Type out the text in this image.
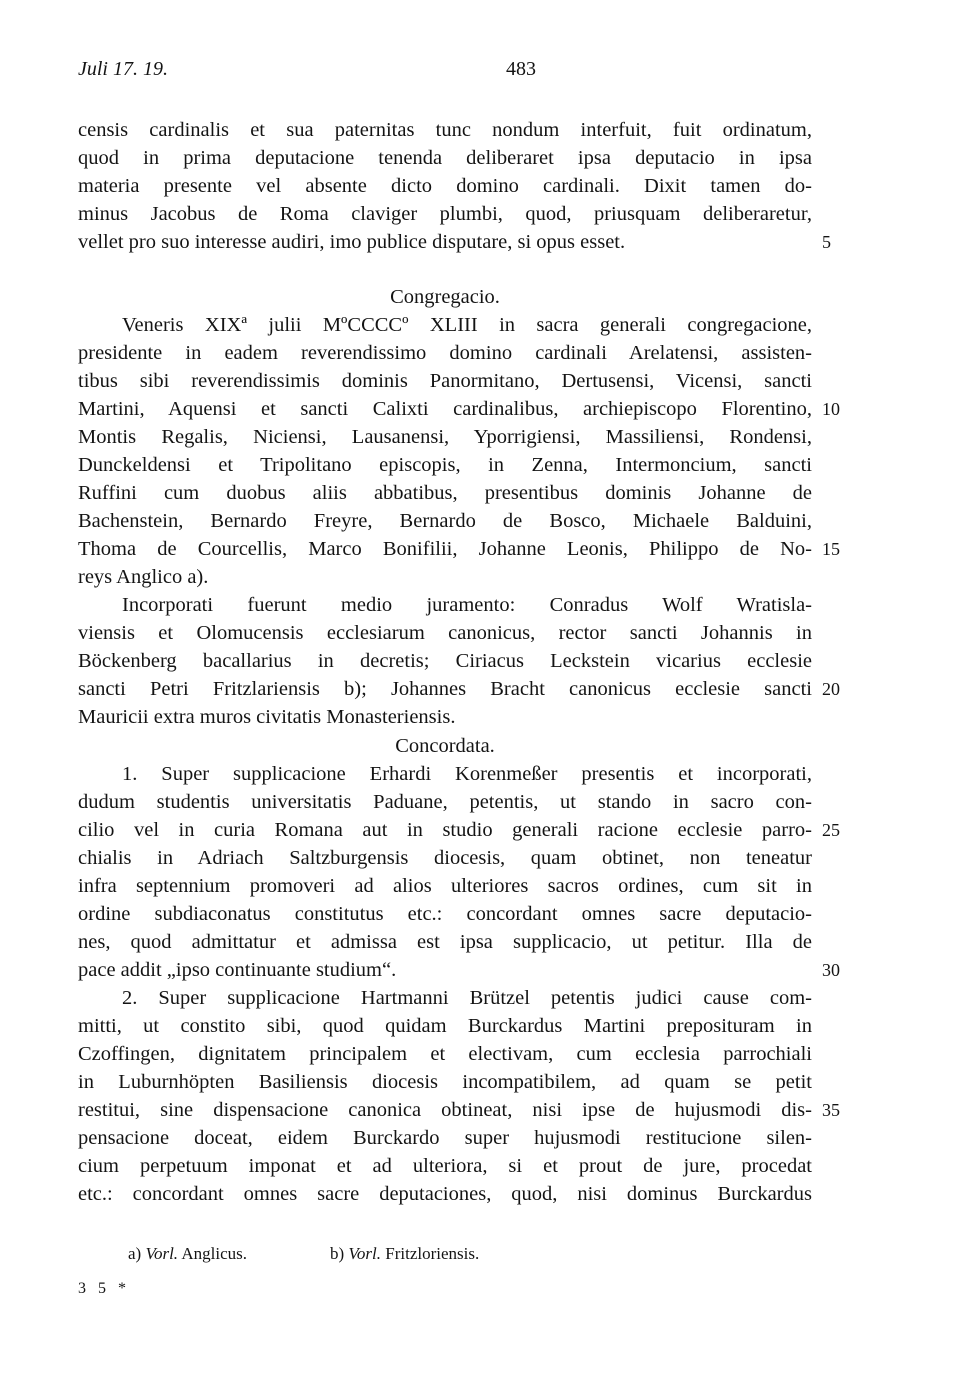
Juli 17. 19.	483
censis cardinalis et sua paternitas tunc nondum interfuit, fuit ordinatum,
quod in prima deputacione tenenda deliberaret ipsa deputacio in ipsa
materia presente vel absente dicto domino cardinali. Dixit tamen do-
minus Jacobus de Roma claviger plumbi, quod, priusquam deliberaretur,
vellet pro suo interesse audiri, imo publice disputare, si opus esset.
Congregacio.
Veneris XIXª julii MºCCCCº XLIII in sacra generali congregacione,
presidente in eadem reverendissimo domino cardinali Arelatensi, assisten-
tibus sibi reverendissimis dominis Panormitano, Dertusensi, Vicensi, sancti
Martini, Aquensi et sancti Calixti cardinalibus, archiepiscopo Florentino,
Montis Regalis, Niciensi, Lausanensi, Yporrigiensi, Massiliensi, Rondensi,
Dunckeldensi et Tripolitano episcopis, in Zenna, Intermoncium, sancti
Ruffini cum duobus aliis abbatibus, presentibus dominis Johanne de
Bachenstein, Bernardo Freyre, Bernardo de Bosco, Michaele Balduini,
Thoma de Courcellis, Marco Bonifilii, Johanne Leonis, Philippo de No-
reys Anglico a).
Incorporati fuerunt medio juramento: Conradus Wolf Wratisla-
viensis et Olomucensis ecclesiarum canonicus, rector sancti Johannis in
Böckenberg bacallarius in decretis; Ciriacus Leckstein vicarius ecclesie
sancti Petri Fritzlariensis b); Johannes Bracht canonicus ecclesie sancti
Mauricii extra muros civitatis Monasteriensis.
Concordata.
1. Super supplicacione Erhardi Korenmeßer presentis et incorporati,
dudum studentis universitatis Paduane, petentis, ut stando in sacro con-
cilio vel in curia Romana aut in studio generali racione ecclesie parro-
chialis in Adriach Saltzburgensis diocesis, quam obtinet, non teneatur
infra septennium promoveri ad alios ulteriores sacros ordines, cum sit in
ordine subdiaconatus constitutus etc.: concordant omnes sacre deputacio-
nes, quod admittatur et admissa est ipsa supplicacio, ut petitur. Illa de
pace addit „ipso continuante studium“.
2. Super supplicacione Hartmanni Brützel petentis judici cause com-
mitti, ut constito sibi, quod quidam Burckardus Martini preposituram in
Czoffingen, dignitatem principalem et electivam, cum ecclesia parrochiali
in Luburnhöpten Basiliensis diocesis incompatibilem, ad quam se petit
restitui, sine dispensacione canonica obtineat, nisi ipse de hujusmodi dis-
pensacione doceat, eidem Burckardo super hujusmodi restitucione silen-
cium perpetuum imponat et ad ulteriora, si et prout de jure, procedat
etc.: concordant omnes sacre deputaciones, quod, nisi dominus Burckardus
5
10
15
20
25
30
35
a) Vorl. Anglicus.	b) Vorl. Fritzloriensis.
3 5 *
